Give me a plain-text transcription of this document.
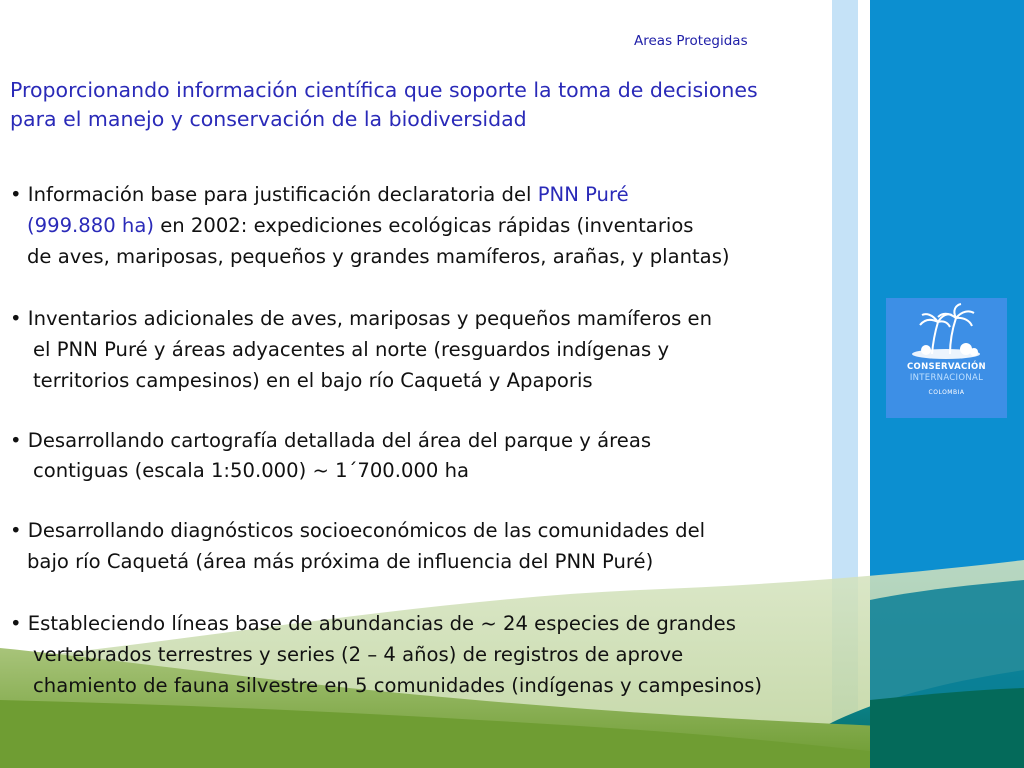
Areas Protegidas
Proporcionando información científica que soporte la toma de decisiones
para el manejo y conservación de la biodiversidad
• Información base para justificación declaratoria del PNN Puré
(999.880 ha) en 2002: expediciones ecológicas rápidas (inventarios
de aves, mariposas, pequeños y grandes mamíferos, arañas, y plantas)
• Inventarios adicionales de aves, mariposas y pequeños mamíferos en
el PNN Puré y áreas adyacentes al norte (resguardos indígenas y
territorios campesinos) en el bajo río Caquetá y Apaporis
• Desarrollando cartografía detallada del área del parque y áreas
contiguas (escala 1:50.000) ~ 1´700.000 ha
• Desarrollando diagnósticos socioeconómicos de las comunidades del
bajo río Caquetá (área más próxima de influencia del PNN Puré)
• Estableciendo líneas base de abundancias de ~ 24 especies de grandes
vertebrados terrestres y series (2 – 4 años) de registros de aprove
chamiento de fauna silvestre en 5 comunidades (indígenas y campesinos)
CONSERVACIÓN
INTERNACIONAL
COLOMBIA
